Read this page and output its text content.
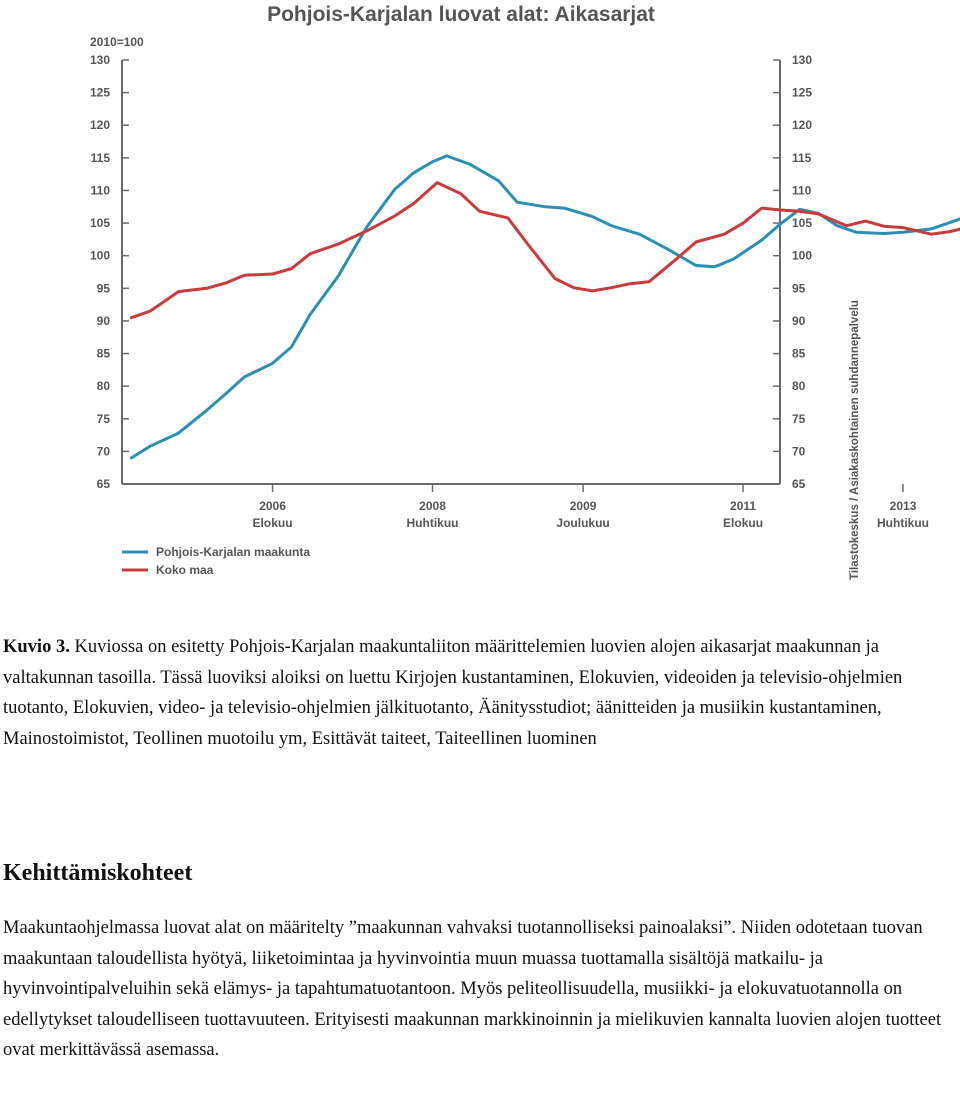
Pohjois-Karjalan luovat alat: Aikasarjat
2010=100
65	65
70	70
75	75
80	80
85	85
90	90
95	95
100	100
105	105
110	110
115	115
120	120
125	125
130	130
2006
Elokuu
2008
Huhtikuu
2009
Joulukuu
2011
Elokuu
2013
Huhtikuu
Pohjois-Karjalan maakunta
Koko maa	Tilastokeskus / Asiakaskohtainen suhdannepalvelu
Kuvio 3. Kuviossa on esitetty Pohjois-Karjalan maakuntaliiton määrittelemien luovien alojen aikasarjat maakunnan ja valtakunnan tasoilla. Tässä luoviksi aloiksi on luettu Kirjojen kustantaminen, Elokuvien, videoiden ja televisio-ohjelmien tuotanto, Elokuvien, video- ja televisio-ohjelmien jälkituotanto, Äänitysstudiot; äänitteiden ja musiikin kustantaminen, Mainostoimistot, Teollinen muotoilu ym, Esittävät taiteet, Taiteellinen luominen
Kehittämiskohteet
Maakuntaohjelmassa luovat alat on määritelty ”maakunnan vahvaksi tuotannolliseksi painoalaksi”. Niiden odotetaan tuovan maakuntaan taloudellista hyötyä, liiketoimintaa ja hyvinvointia muun muassa tuottamalla sisältöjä matkailu- ja hyvinvointipalveluihin sekä elämys- ja tapahtumatuotantoon. Myös peliteollisuudella, musiikki- ja elokuvatuotannolla on edellytykset taloudelliseen tuottavuuteen. Erityisesti maakunnan markkinoinnin ja mielikuvien kannalta luovien alojen tuotteet ovat merkittävässä asemassa.
